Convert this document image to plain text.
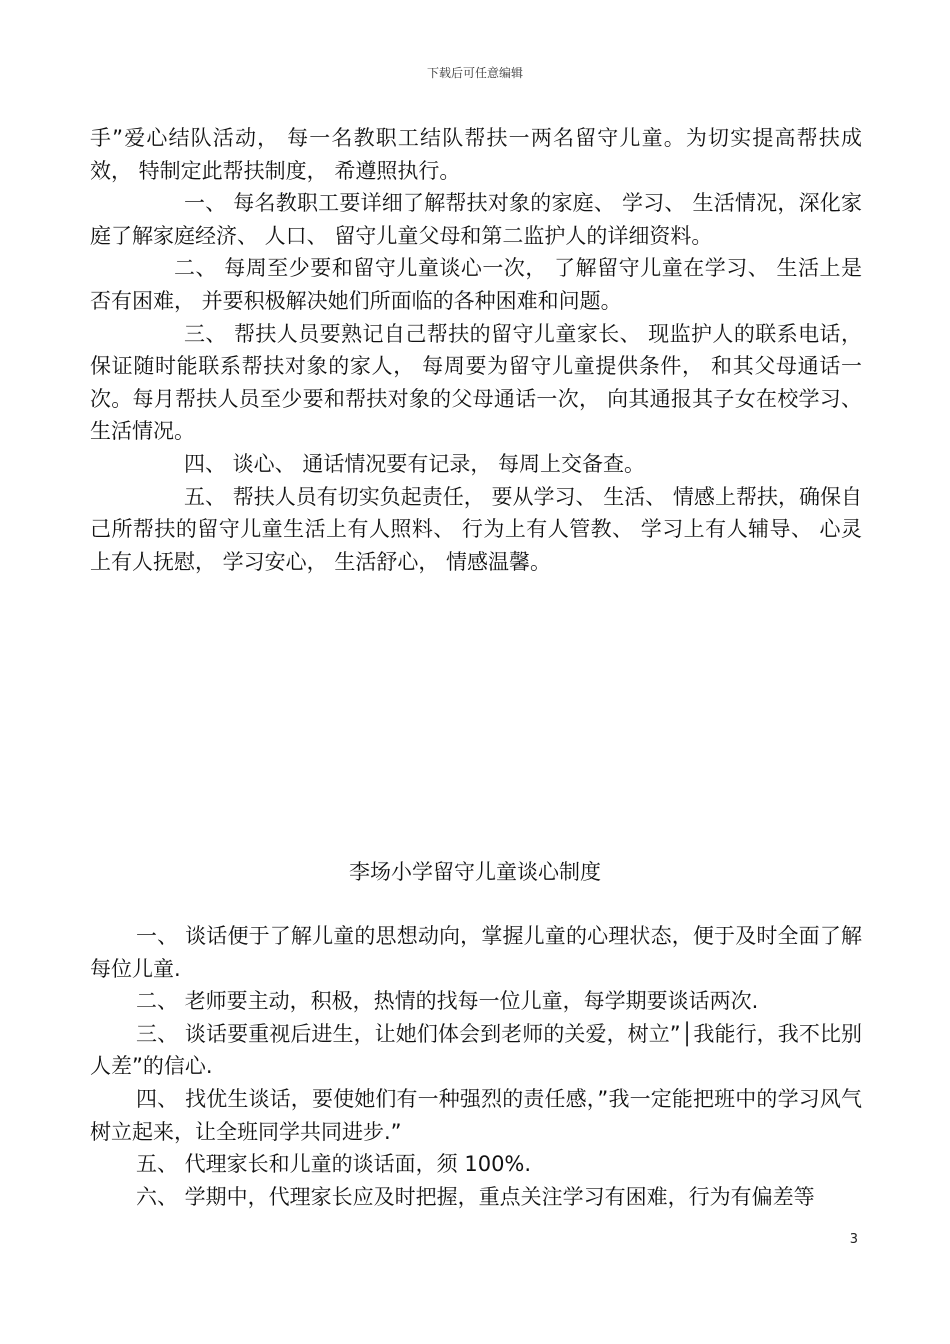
下载后可任意编辑

手”爱心结队活动， 每一名教职工结队帮扶一两名留守儿童。为切实提高帮扶成效， 特制定此帮扶制度， 希遵照执行。

一、 每名教职工要详细了解帮扶对象的家庭、 学习、 生活情况，深化家庭了解家庭经济、 人口、 留守儿童父母和第二监护人的详细资料。

二、 每周至少要和留守儿童谈心一次， 了解留守儿童在学习、 生活上是否有困难， 并要积极解决她们所面临的各种困难和问题。

三、 帮扶人员要熟记自己帮扶的留守儿童家长、 现监护人的联系电话， 保证随时能联系帮扶对象的家人， 每周要为留守儿童提供条件， 和其父母通话一次。每月帮扶人员至少要和帮扶对象的父母通话一次， 向其通报其子女在校学习、 生活情况。

四、 谈心、 通话情况要有记录， 每周上交备查。

五、 帮扶人员有切实负起责任， 要从学习、 生活、 情感上帮扶，确保自己所帮扶的留守儿童生活上有人照料、 行为上有人管教、 学习上有人辅导、 心灵上有人抚慰， 学习安心， 生活舒心， 情感温馨。

李场小学留守儿童谈心制度

一、 谈话便于了解儿童的思想动向，掌握儿童的心理状态，便于及时全面了解每位儿童.

二、 老师要主动，积极，热情的找每一位儿童，每学期要谈话两次.

三、 谈话要重视后进生，让她们体会到老师的关爱，树立”│我能行，我不比别人差”的信心.

四、 找优生谈话，要使她们有一种强烈的责任感，”我一定能把班中的学习风气树立起来，让全班同学共同进步.”

五、 代理家长和儿童的谈话面，须 100%.

六、 学期中，代理家长应及时把握，重点关注学习有困难，行为有偏差等

3
